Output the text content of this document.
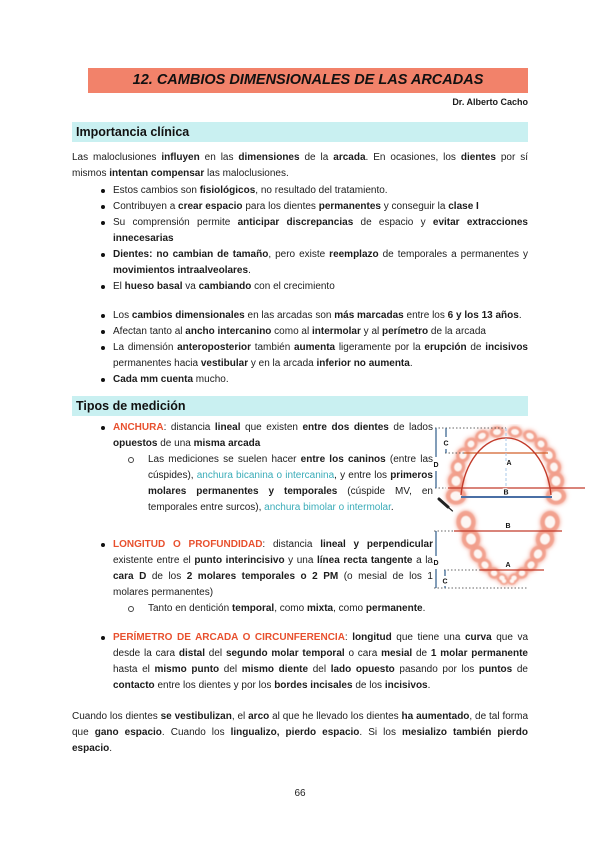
12. CAMBIOS DIMENSIONALES DE LAS ARCADAS
Dr. Alberto Cacho
Importancia clínica

Las maloclusiones influyen en las dimensiones de la arcada. En ocasiones, los dientes por sí mismos intentan compensar las maloclusiones.

Estos cambios son fisiológicos, no resultado del tratamiento.
Contribuyen a crear espacio para los dientes permanentes y conseguir la clase I
Su comprensión permite anticipar discrepancias de espacio y evitar extracciones innecesarias
Dientes: no cambian de tamaño, pero existe reemplazo de temporales a permanentes y movimientos intraalveolares.
El hueso basal va cambiando con el crecimiento
Los cambios dimensionales en las arcadas son más marcadas entre los 6 y los 13 años.
Afectan tanto al ancho intercanino como al intermolar y al perímetro de la arcada
La dimensión anteroposterior también aumenta ligeramente por la erupción de incisivos permanentes hacia vestibular y en la arcada inferior no aumenta.
Cada mm cuenta mucho.
Tipos de medición
ANCHURA: distancia lineal que existen entre dos dientes de lados opuestos de una misma arcada
Las mediciones se suelen hacer entre los caninos (entre las cúspides), anchura bicanina o intercanina, y entre los primeros molares permanentes y temporales (cúspide MV, en temporales entre surcos), anchura bimolar o intermolar.
LONGITUD O PROFUNDIDAD: distancia lineal y perpendicular existente entre el punto interincisivo y una línea recta tangente a la cara D de los 2 molares temporales o 2 PM (o mesial de los 1 molares permanentes)
Tanto en dentición temporal, como mixta, como permanente.
PERÍMETRO DE ARCADA O CIRCUNFERENCIA: longitud que tiene una curva que va desde la cara distal del segundo molar temporal o cara mesial de 1 molar permanente hasta el mismo punto del mismo diente del lado opuesto pasando por los puntos de contacto entre los dientes y por los bordes incisales de los incisivos.
Cuando los dientes se vestibulizan, el arco al que he llevado los dientes ha aumentado, de tal forma que gano espacio. Cuando los lingualizo, pierdo espacio. Si los mesializo también pierdo espacio.
A
B
C
D
B
A
D
C
66
